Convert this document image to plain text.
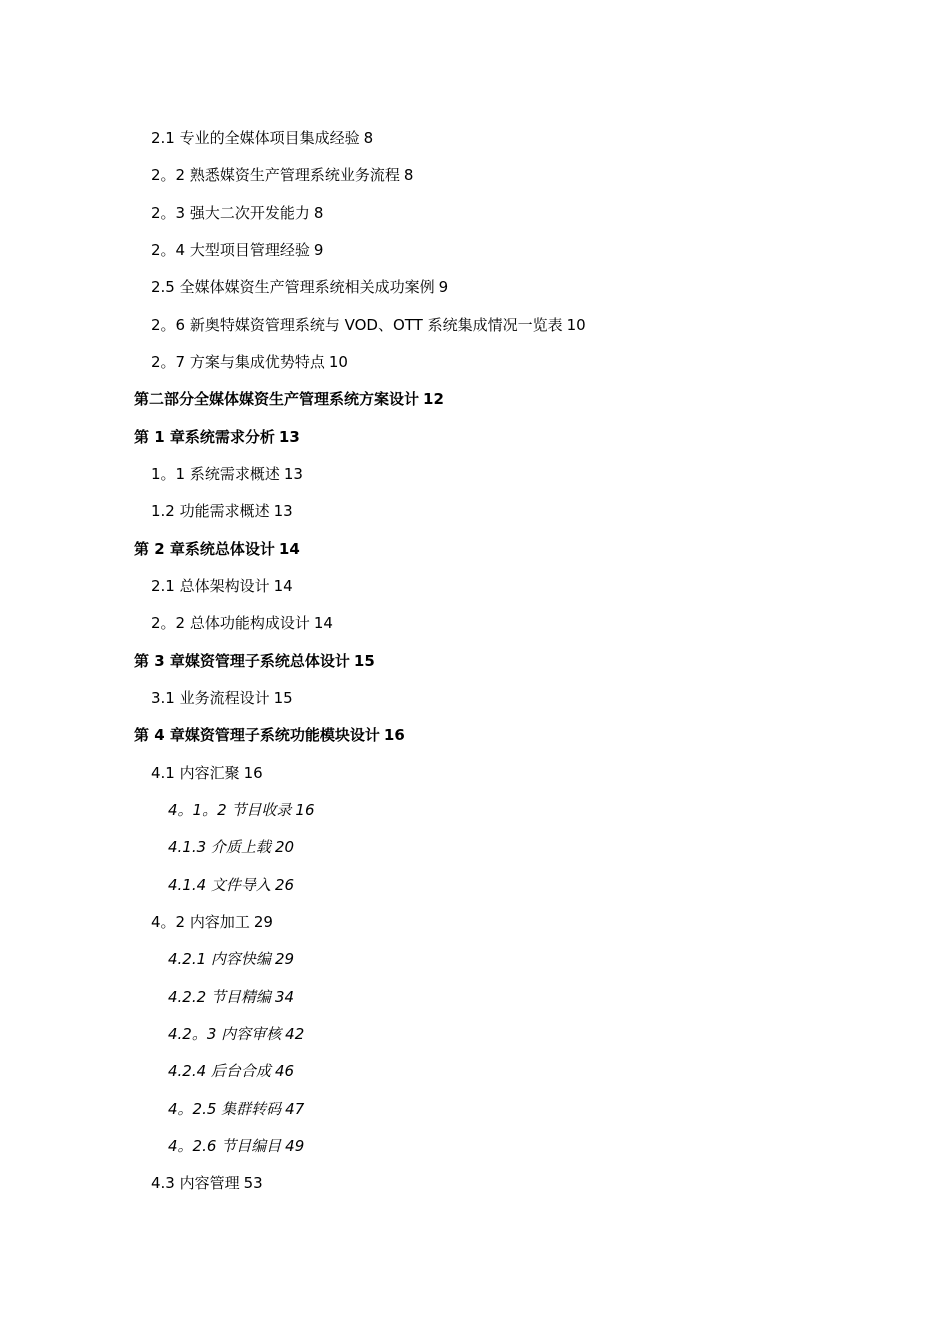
2.1 专业的全媒体项目集成经验 8
2。2 熟悉媒资生产管理系统业务流程 8
2。3 强大二次开发能力 8
2。4 大型项目管理经验 9
2.5 全媒体媒资生产管理系统相关成功案例 9
2。6 新奥特媒资管理系统与 VOD、OTT 系统集成情况一览表 10
2。7 方案与集成优势特点 10
第二部分全媒体媒资生产管理系统方案设计 12
第 1 章系统需求分析 13
1。1 系统需求概述 13
1.2 功能需求概述 13
第 2 章系统总体设计 14
2.1 总体架构设计 14
2。2 总体功能构成设计 14
第 3 章媒资管理子系统总体设计 15
3.1 业务流程设计 15
第 4 章媒资管理子系统功能模块设计 16
4.1 内容汇聚 16
4。1。2 节目收录 16
4.1.3 介质上载 20
4.1.4 文件导入 26
4。2 内容加工 29
4.2.1 内容快编 29
4.2.2 节目精编 34
4.2。3 内容审核 42
4.2.4 后台合成 46
4。2.5 集群转码 47
4。2.6 节目编目 49
4.3 内容管理 53
